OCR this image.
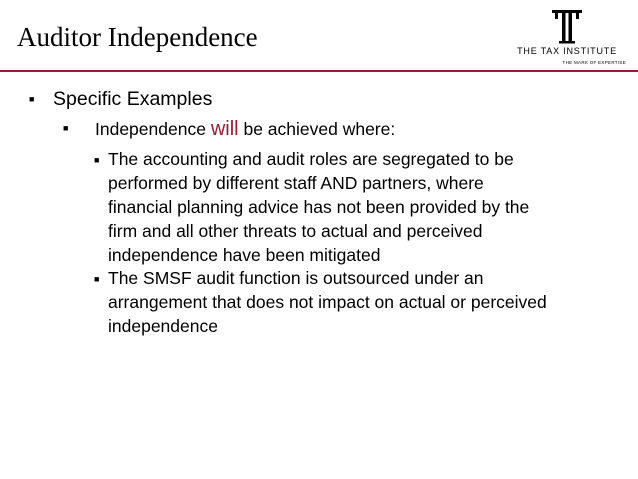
Auditor Independence	THE TAX INSTITUTE
THE MARK OF EXPERTISE
■ Specific Examples
■ Independence will be achieved where:
■ The accounting and audit roles are segregated to be
performed by different staff AND partners, where
financial planning advice has not been provided by the
firm and all other threats to actual and perceived
independence have been mitigated
■ The SMSF audit function is outsourced under an
arrangement that does not impact on actual or perceived
independence
